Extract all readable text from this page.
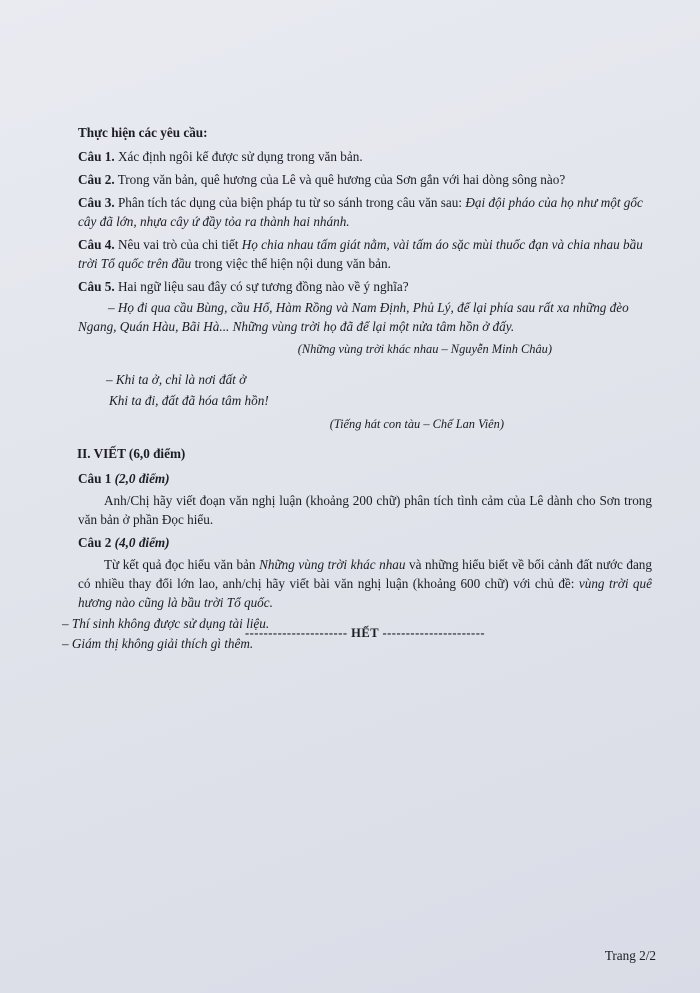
Thực hiện các yêu cầu:
Câu 1. Xác định ngôi kể được sử dụng trong văn bản.
Câu 2. Trong văn bản, quê hương của Lê và quê hương của Sơn gắn với hai dòng sông nào?
Câu 3. Phân tích tác dụng của biện pháp tu từ so sánh trong câu văn sau: Đại đội pháo của họ như một gốc cây đã lớn, nhựa cây ứ đầy tỏa ra thành hai nhánh.
Câu 4. Nêu vai trò của chi tiết Họ chia nhau tấm giát nằm, vài tấm áo sặc mùi thuốc đạn và chia nhau bầu trời Tổ quốc trên đầu trong việc thể hiện nội dung văn bản.
Câu 5. Hai ngữ liệu sau đây có sự tương đồng nào về ý nghĩa?
– Họ đi qua cầu Bùng, cầu Hổ, Hàm Rồng và Nam Định, Phủ Lý, để lại phía sau rất xa những đèo Ngang, Quán Hàu, Bãi Hà... Những vùng trời họ đã để lại một nửa tâm hồn ở đấy.
(Những vùng trời khác nhau – Nguyễn Minh Châu)
– Khi ta ở, chỉ là nơi đất ở
Khi ta đi, đất đã hóa tâm hồn!
(Tiếng hát con tàu – Chế Lan Viên)
II. VIẾT (6,0 điểm)
Câu 1 (2,0 điểm)
Anh/Chị hãy viết đoạn văn nghị luận (khoảng 200 chữ) phân tích tình cảm của Lê dành cho Sơn trong văn bản ở phần Đọc hiểu.
Câu 2 (4,0 điểm)
Từ kết quả đọc hiểu văn bản Những vùng trời khác nhau và những hiểu biết về bối cảnh đất nước đang có nhiều thay đổi lớn lao, anh/chị hãy viết bài văn nghị luận (khoảng 600 chữ) với chủ đề: vùng trời quê hương nào cũng là bầu trời Tổ quốc.
---------------------- HẾT ----------------------
– Thí sinh không được sử dụng tài liệu.
– Giám thị không giải thích gì thêm.
Trang 2/2
